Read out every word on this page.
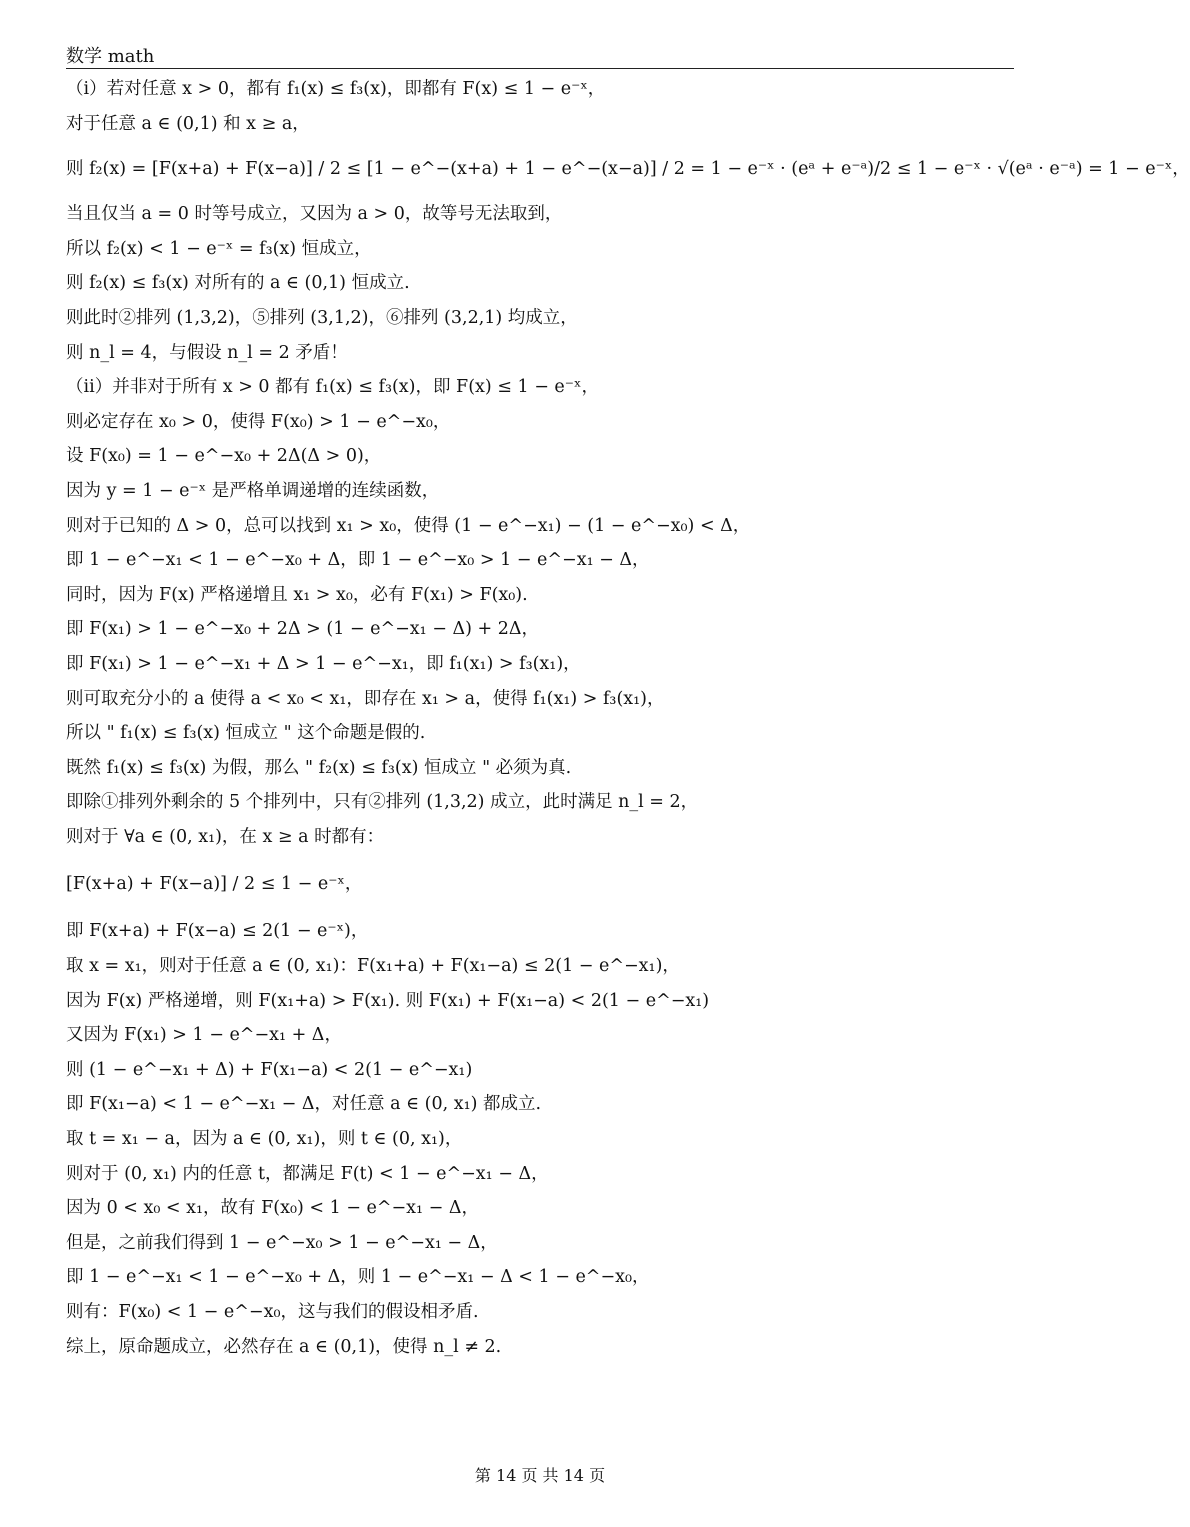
数学 math
（i）若对任意 x > 0，都有 f₁(x) ≤ f₃(x)，即都有 F(x) ≤ 1 − e⁻ˣ，
对于任意 a ∈ (0,1) 和 x ≥ a，
则 f₂(x) = [F(x+a) + F(x−a)] / 2 ≤ [1 − e^−(x+a) + 1 − e^−(x−a)] / 2 = 1 − e⁻ˣ · (eᵃ + e⁻ᵃ)/2 ≤ 1 − e⁻ˣ · √(eᵃ · e⁻ᵃ) = 1 − e⁻ˣ，
当且仅当 a = 0 时等号成立，又因为 a > 0，故等号无法取到，
所以 f₂(x) < 1 − e⁻ˣ = f₃(x) 恒成立，
则 f₂(x) ≤ f₃(x) 对所有的 a ∈ (0,1) 恒成立.
则此时②排列 (1,3,2)，⑤排列 (3,1,2)，⑥排列 (3,2,1) 均成立，
则 n_l = 4，与假设 n_l = 2 矛盾！
（ii）并非对于所有 x > 0 都有 f₁(x) ≤ f₃(x)，即 F(x) ≤ 1 − e⁻ˣ，
则必定存在 x₀ > 0，使得 F(x₀) > 1 − e^−x₀，
设 F(x₀) = 1 − e^−x₀ + 2Δ(Δ > 0)，
因为 y = 1 − e⁻ˣ 是严格单调递增的连续函数，
则对于已知的 Δ > 0，总可以找到 x₁ > x₀，使得 (1 − e^−x₁) − (1 − e^−x₀) < Δ，
即 1 − e^−x₁ < 1 − e^−x₀ + Δ，即 1 − e^−x₀ > 1 − e^−x₁ − Δ，
同时，因为 F(x) 严格递增且 x₁ > x₀，必有 F(x₁) > F(x₀).
即 F(x₁) > 1 − e^−x₀ + 2Δ > (1 − e^−x₁ − Δ) + 2Δ，
即 F(x₁) > 1 − e^−x₁ + Δ > 1 − e^−x₁，即 f₁(x₁) > f₃(x₁)，
则可取充分小的 a 使得 a < x₀ < x₁，即存在 x₁ > a，使得 f₁(x₁) > f₃(x₁)，
所以 " f₁(x) ≤ f₃(x) 恒成立 " 这个命题是假的.
既然 f₁(x) ≤ f₃(x) 为假，那么 " f₂(x) ≤ f₃(x) 恒成立 " 必须为真.
即除①排列外剩余的 5 个排列中，只有②排列 (1,3,2) 成立，此时满足 n_l = 2，
则对于 ∀a ∈ (0, x₁)，在 x ≥ a 时都有：
[F(x+a) + F(x−a)] / 2 ≤ 1 − e⁻ˣ，
即 F(x+a) + F(x−a) ≤ 2(1 − e⁻ˣ)，
取 x = x₁，则对于任意 a ∈ (0, x₁)：F(x₁+a) + F(x₁−a) ≤ 2(1 − e^−x₁)，
因为 F(x) 严格递增，则 F(x₁+a) > F(x₁). 则 F(x₁) + F(x₁−a) < 2(1 − e^−x₁)
又因为 F(x₁) > 1 − e^−x₁ + Δ，
则 (1 − e^−x₁ + Δ) + F(x₁−a) < 2(1 − e^−x₁)
即 F(x₁−a) < 1 − e^−x₁ − Δ，对任意 a ∈ (0, x₁) 都成立.
取 t = x₁ − a，因为 a ∈ (0, x₁)，则 t ∈ (0, x₁)，
则对于 (0, x₁) 内的任意 t，都满足 F(t) < 1 − e^−x₁ − Δ，
因为 0 < x₀ < x₁，故有 F(x₀) < 1 − e^−x₁ − Δ，
但是，之前我们得到 1 − e^−x₀ > 1 − e^−x₁ − Δ，
即 1 − e^−x₁ < 1 − e^−x₀ + Δ，则 1 − e^−x₁ − Δ < 1 − e^−x₀，
则有：F(x₀) < 1 − e^−x₀，这与我们的假设相矛盾.
综上，原命题成立，必然存在 a ∈ (0,1)，使得 n_l ≠ 2.
第 14 页 共 14 页
